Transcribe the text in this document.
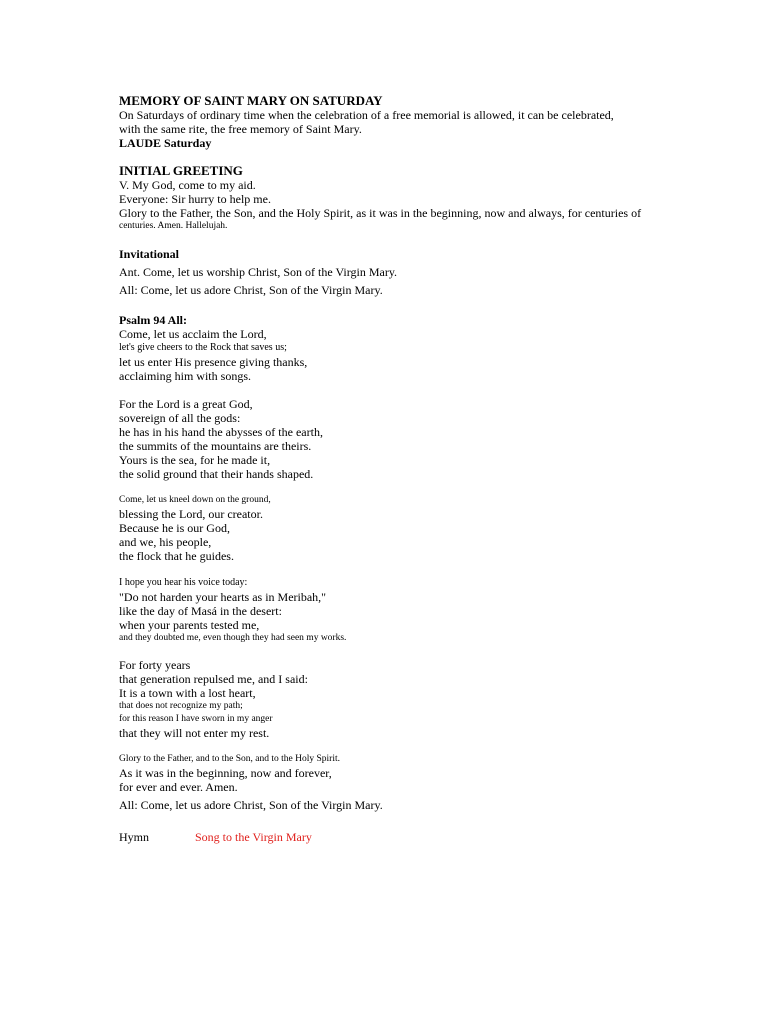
MEMORY OF SAINT MARY ON SATURDAY
On Saturdays of ordinary time when the celebration of a free memorial is allowed, it can be celebrated,
with the same rite, the free memory of Saint Mary.
LAUDE Saturday
INITIAL GREETING
V. My God, come to my aid.
Everyone: Sir hurry to help me.
Glory to the Father, the Son, and the Holy Spirit, as it was in the beginning, now and always, for centuries of
centuries. Amen. Hallelujah.
Invitational
Ant. Come, let us worship Christ, Son of the Virgin Mary.
All: Come, let us adore Christ, Son of the Virgin Mary.
Psalm 94 All:
Come, let us acclaim the Lord,
let's give cheers to the Rock that saves us;
let us enter His presence giving thanks,
acclaiming him with songs.
For the Lord is a great God,
sovereign of all the gods:
he has in his hand the abysses of the earth,
the summits of the mountains are theirs.
Yours is the sea, for he made it,
the solid ground that their hands shaped.
Come, let us kneel down on the ground,
blessing the Lord, our creator.
Because he is our God,
and we, his people,
the flock that he guides.
I hope you hear his voice today:
"Do not harden your hearts as in Meribah,"
like the day of Masá in the desert:
when your parents tested me,
and they doubted me, even though they had seen my works.
For forty years
that generation repulsed me, and I said:
It is a town with a lost heart,
that does not recognize my path;
for this reason I have sworn in my anger
that they will not enter my rest.
Glory to the Father, and to the Son, and to the Holy Spirit.
As it was in the beginning, now and forever,
for ever and ever. Amen.
All: Come, let us adore Christ, Son of the Virgin Mary.
Hymn	Song to the Virgin Mary
